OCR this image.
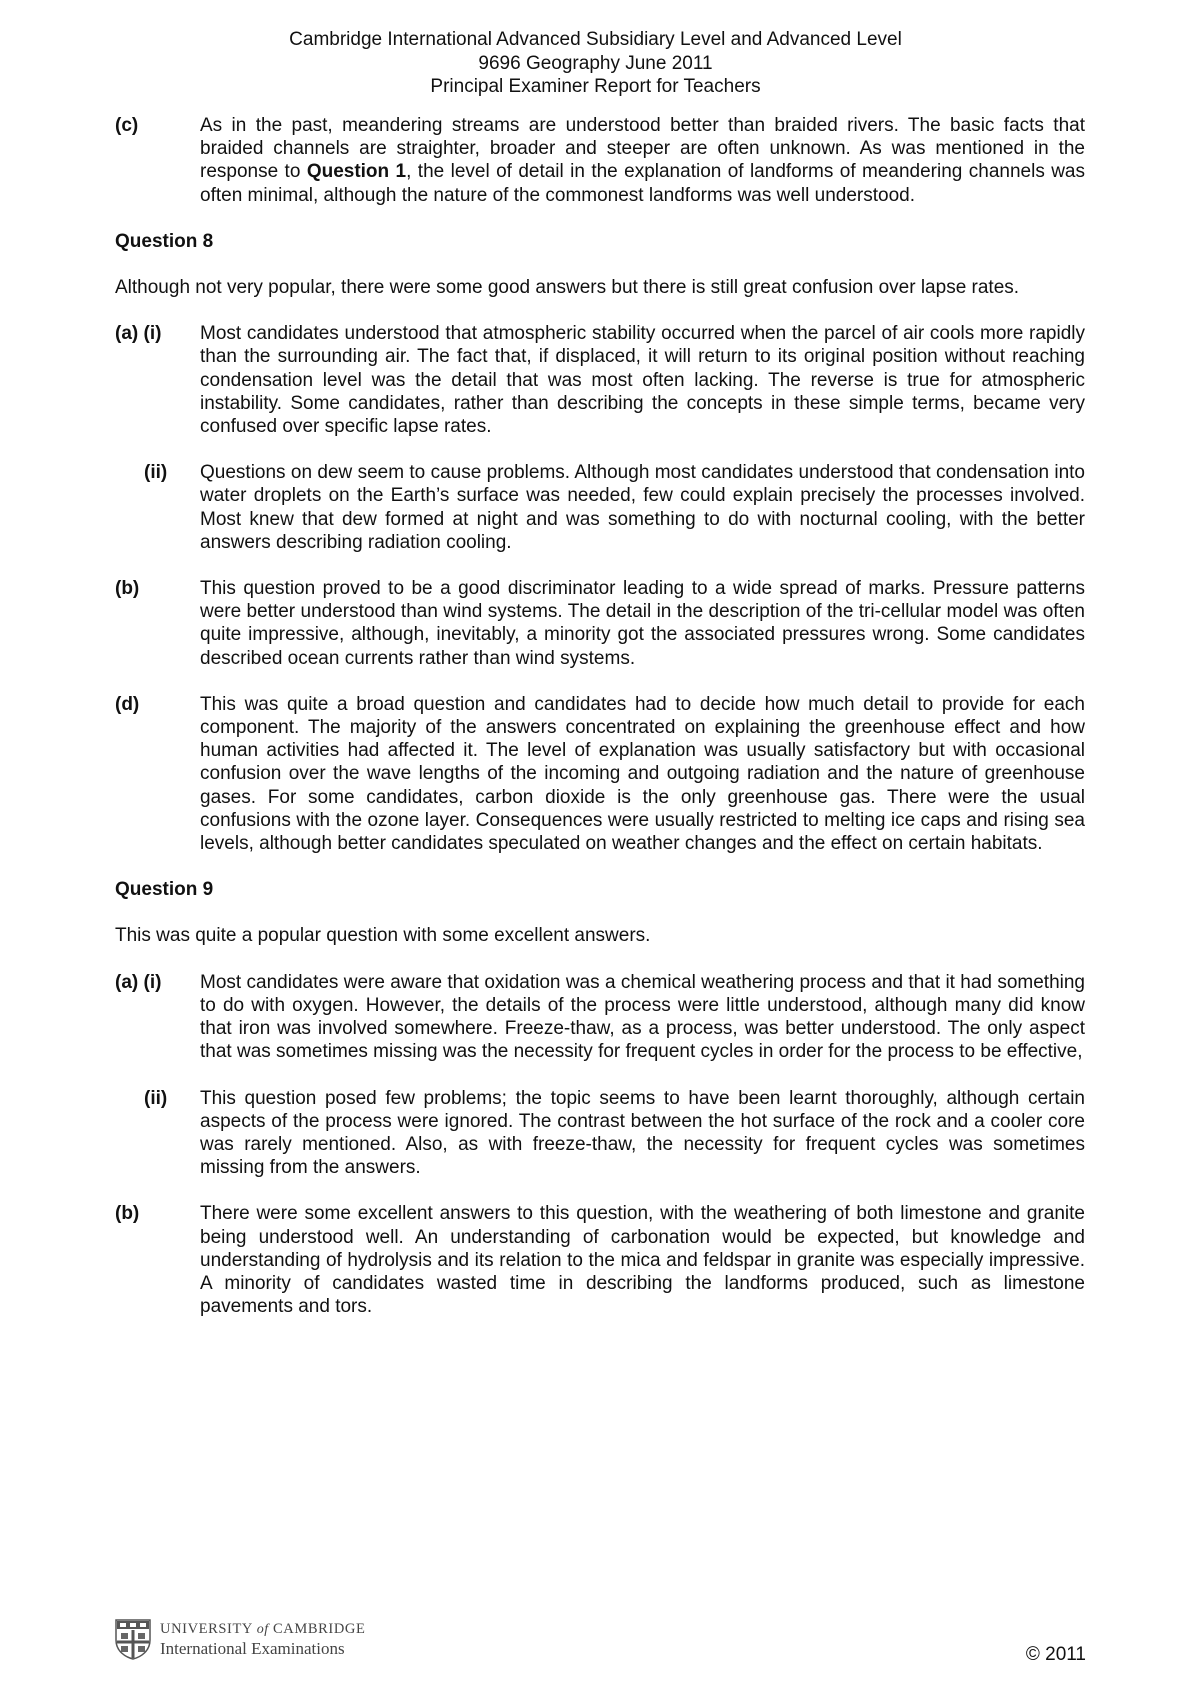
Cambridge International Advanced Subsidiary Level and Advanced Level
9696 Geography June 2011
Principal Examiner Report for Teachers
(c)	As in the past, meandering streams are understood better than braided rivers. The basic facts that braided channels are straighter, broader and steeper are often unknown. As was mentioned in the response to Question 1, the level of detail in the explanation of landforms of meandering channels was often minimal, although the nature of the commonest landforms was well understood.
Question 8
Although not very popular, there were some good answers but there is still great confusion over lapse rates.
(a) (i)	Most candidates understood that atmospheric stability occurred when the parcel of air cools more rapidly than the surrounding air. The fact that, if displaced, it will return to its original position without reaching condensation level was the detail that was most often lacking. The reverse is true for atmospheric instability. Some candidates, rather than describing the concepts in these simple terms, became very confused over specific lapse rates.
(ii)	Questions on dew seem to cause problems. Although most candidates understood that condensation into water droplets on the Earth’s surface was needed, few could explain precisely the processes involved. Most knew that dew formed at night and was something to do with nocturnal cooling, with the better answers describing radiation cooling.
(b)	This question proved to be a good discriminator leading to a wide spread of marks. Pressure patterns were better understood than wind systems. The detail in the description of the tri-cellular model was often quite impressive, although, inevitably, a minority got the associated pressures wrong. Some candidates described ocean currents rather than wind systems.
(d)	This was quite a broad question and candidates had to decide how much detail to provide for each component. The majority of the answers concentrated on explaining the greenhouse effect and how human activities had affected it. The level of explanation was usually satisfactory but with occasional confusion over the wave lengths of the incoming and outgoing radiation and the nature of greenhouse gases. For some candidates, carbon dioxide is the only greenhouse gas. There were the usual confusions with the ozone layer. Consequences were usually restricted to melting ice caps and rising sea levels, although better candidates speculated on weather changes and the effect on certain habitats.
Question 9
This was quite a popular question with some excellent answers.
(a) (i)	Most candidates were aware that oxidation was a chemical weathering process and that it had something to do with oxygen. However, the details of the process were little understood, although many did know that iron was involved somewhere. Freeze-thaw, as a process, was better understood. The only aspect that was sometimes missing was the necessity for frequent cycles in order for the process to be effective,
(ii)	This question posed few problems; the topic seems to have been learnt thoroughly, although certain aspects of the process were ignored. The contrast between the hot surface of the rock and a cooler core was rarely mentioned. Also, as with freeze-thaw, the necessity for frequent cycles was sometimes missing from the answers.
(b)	There were some excellent answers to this question, with the weathering of both limestone and granite being understood well. An understanding of carbonation would be expected, but knowledge and understanding of hydrolysis and its relation to the mica and feldspar in granite was especially impressive. A minority of candidates wasted time in describing the landforms produced, such as limestone pavements and tors.
UNIVERSITY of CAMBRIDGE
International Examinations	© 2011
